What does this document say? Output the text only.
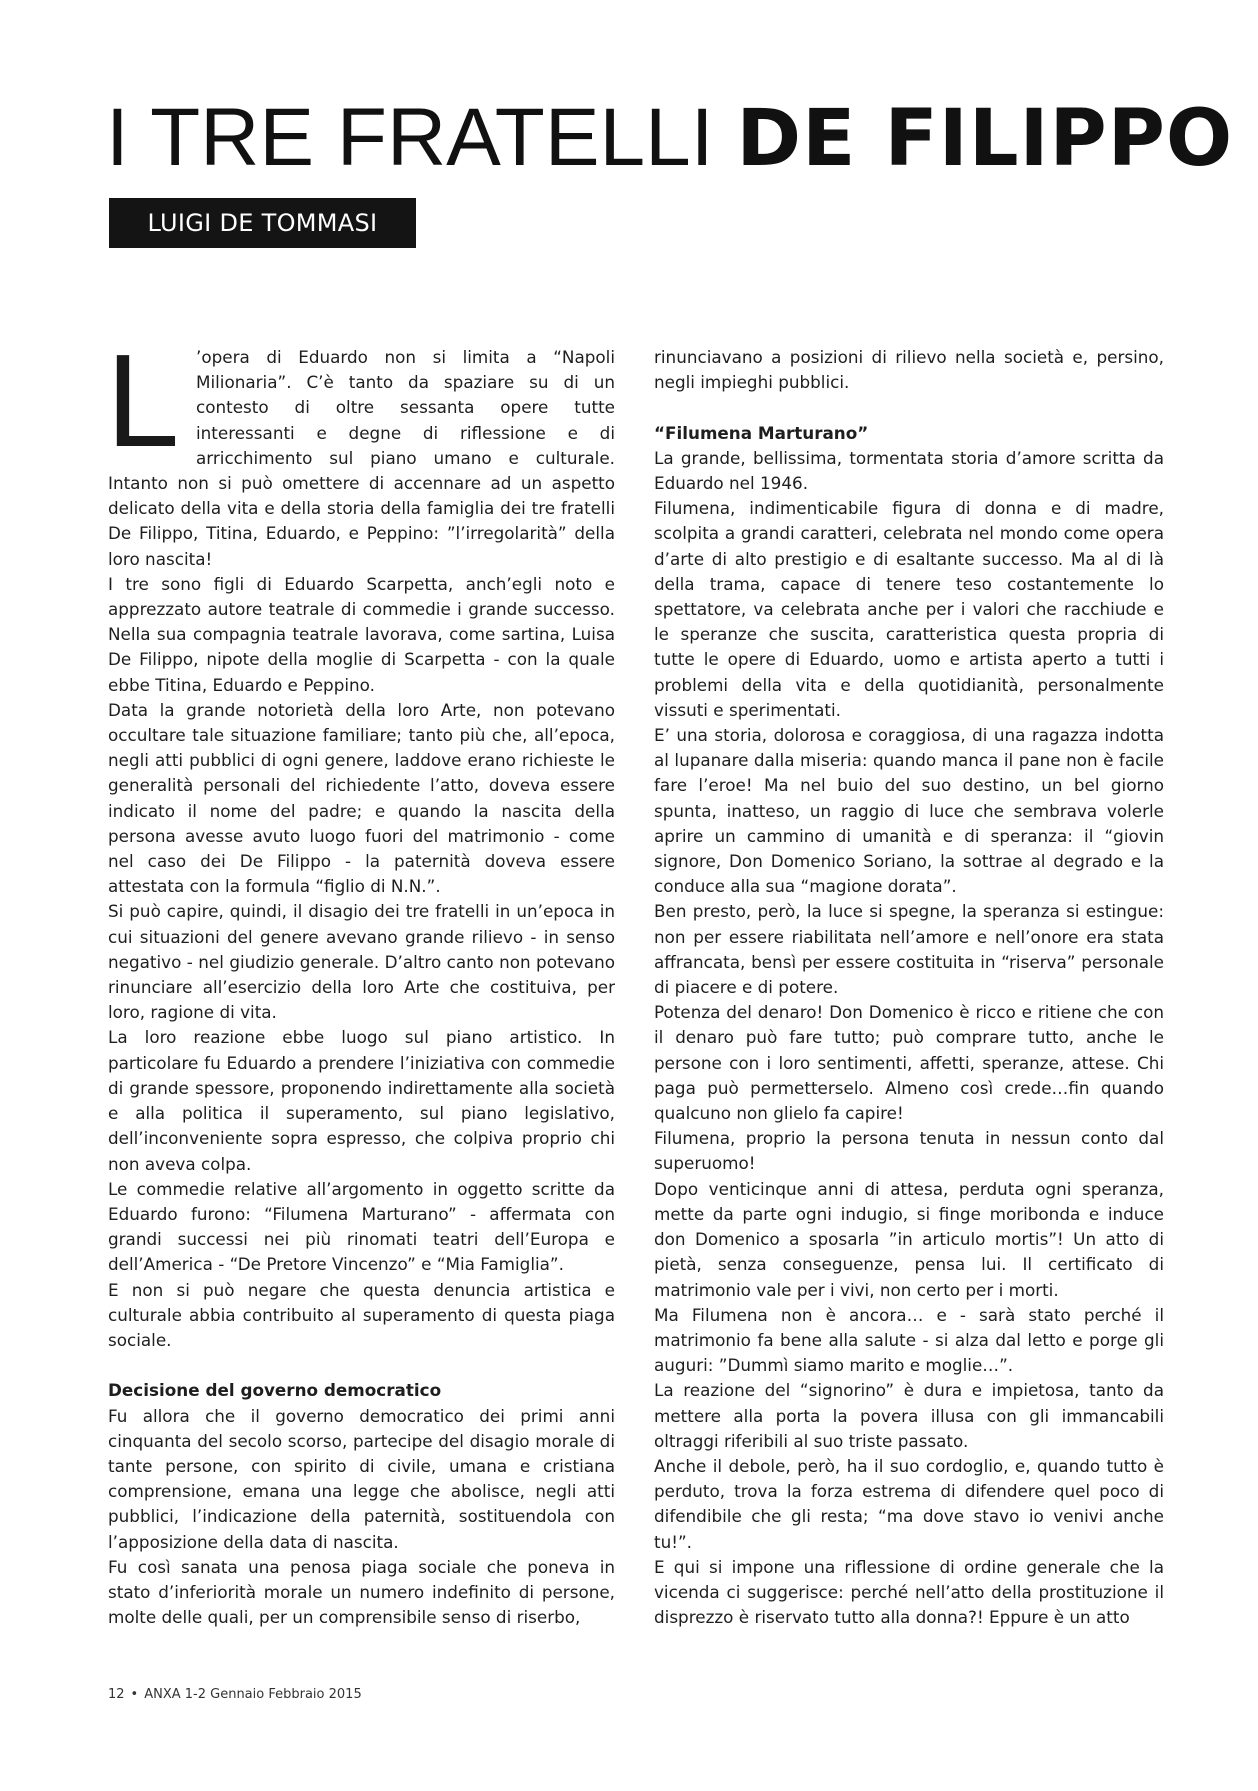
I TRE FRATELLI DE FILIPPO
LUIGI DE TOMMASI
L ’opera di Eduardo non si limita a “Napoli Milionaria”. C’è tanto da spaziare su di un contesto di oltre sessanta opere tutte interessanti e degne di riflessione e di arricchimento sul piano umano e culturale. Intanto non si può omettere di accennare ad un aspetto delicato della vita e della storia della famiglia dei tre fratelli De Filippo, Titina, Eduardo, e Peppino: ”l’irregolarità” della loro nascita!

I tre sono figli di Eduardo Scarpetta, anch’egli noto e apprezzato autore teatrale di commedie i grande successo. Nella sua compagnia teatrale lavorava, come sartina, Luisa De Filippo, nipote della moglie di Scarpetta - con la quale ebbe Titina, Eduardo e Peppino.

Data la grande notorietà della loro Arte, non potevano occultare tale situazione familiare; tanto più che, all’epoca, negli atti pubblici di ogni genere, laddove erano richieste le generalità personali del richiedente l’atto, doveva essere indicato il nome del padre; e quando la nascita della persona avesse avuto luogo fuori del matrimonio - come nel caso dei De Filippo - la paternità doveva essere attestata con la formula “figlio di N.N.”.

Si può capire, quindi, il disagio dei tre fratelli in un’epoca in cui situazioni del genere avevano grande rilievo - in senso negativo - nel giudizio generale. D’altro canto non potevano rinunciare all’esercizio della loro Arte che costituiva, per loro, ragione di vita.

La loro reazione ebbe luogo sul piano artistico. In particolare fu Eduardo a prendere l’iniziativa con commedie di grande spessore, proponendo indirettamente alla società e alla politica il superamento, sul piano legislativo, dell’inconveniente sopra espresso, che colpiva proprio chi non aveva colpa.

Le commedie relative all’argomento in oggetto scritte da Eduardo furono: “Filumena Marturano” - affermata con grandi successi nei più rinomati teatri dell’Europa e dell’America - “De Pretore Vincenzo” e “Mia Famiglia”.

E non si può negare che questa denuncia artistica e culturale abbia contribuito al superamento di questa piaga sociale.

Decisione del governo democratico

Fu allora che il governo democratico dei primi anni cinquanta del secolo scorso, partecipe del disagio morale di tante persone, con spirito di civile, umana e cristiana comprensione, emana una legge che abolisce, negli atti pubblici, l’indicazione della paternità, sostituendola con l’apposizione della data di nascita.

Fu così sanata una penosa piaga sociale che poneva in stato d’inferiorità morale un numero indefinito di persone, molte delle quali, per un comprensibile senso di riserbo,

rinunciavano a posizioni di rilievo nella società e, persino, negli impieghi pubblici.

“Filumena Marturano”

La grande, bellissima, tormentata storia d’amore scritta da Eduardo nel 1946.

Filumena, indimenticabile figura di donna e di madre, scolpita a grandi caratteri, celebrata nel mondo come opera d’arte di alto prestigio e di esaltante successo. Ma al di là della trama, capace di tenere teso costantemente lo spettatore, va celebrata anche per i valori che racchiude e le speranze che suscita, caratteristica questa propria di tutte le opere di Eduardo, uomo e artista aperto a tutti i problemi della vita e della quotidianità, personalmente vissuti e sperimentati.

E’ una storia, dolorosa e coraggiosa, di una ragazza indotta al lupanare dalla miseria: quando manca il pane non è facile fare l’eroe! Ma nel buio del suo destino, un bel giorno spunta, inatteso, un raggio di luce che sembrava volerle aprire un cammino di umanità e di speranza: il “giovin signore, Don Domenico Soriano, la sottrae al degrado e la conduce alla sua “magione dorata”.

Ben presto, però, la luce si spegne, la speranza si estingue: non per essere riabilitata nell’amore e nell’onore era stata affrancata, bensì per essere costituita in “riserva” personale di piacere e di potere.

Potenza del denaro! Don Domenico è ricco e ritiene che con il denaro può fare tutto; può comprare tutto, anche le persone con i loro sentimenti, affetti, speranze, attese. Chi paga può permetterselo. Almeno così crede…fin quando qualcuno non glielo fa capire!

Filumena, proprio la persona tenuta in nessun conto dal superuomo!

Dopo venticinque anni di attesa, perduta ogni speranza, mette da parte ogni indugio, si finge moribonda e induce don Domenico a sposarla ”in articulo mortis”! Un atto di pietà, senza conseguenze, pensa lui. Il certificato di matrimonio vale per i vivi, non certo per i morti.

Ma Filumena non è ancora… e - sarà stato perché il matrimonio fa bene alla salute - si alza dal letto e porge gli auguri: ”Dummì siamo marito e moglie…”.

La reazione del “signorino” è dura e impietosa, tanto da mettere alla porta la povera illusa con gli immancabili oltraggi riferibili al suo triste passato.

Anche il debole, però, ha il suo cordoglio, e, quando tutto è perduto, trova la forza estrema di difendere quel poco di difendibile che gli resta; “ma dove stavo io venivi anche tu!”.

E qui si impone una riflessione di ordine generale che la vicenda ci suggerisce: perché nell’atto della prostituzione il disprezzo è riservato tutto alla donna?! Eppure è un atto

12 • ANXA 1-2 Gennaio Febbraio 2015
